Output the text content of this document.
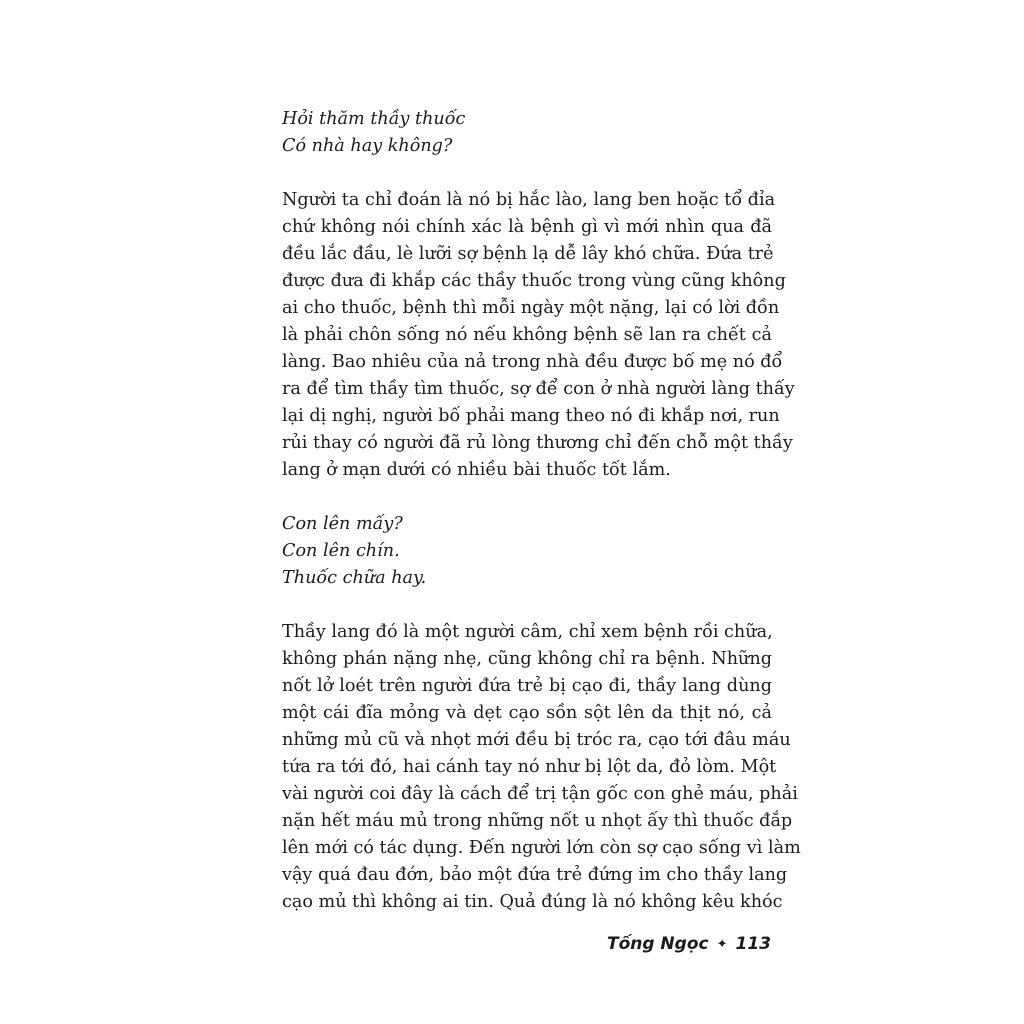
Hỏi thăm thầy thuốc
Có nhà hay không?
Người ta chỉ đoán là nó bị hắc lào, lang ben hoặc tổ đỉa
chứ không nói chính xác là bệnh gì vì mới nhìn qua đã
đều lắc đầu, lè lưỡi sợ bệnh lạ dễ lây khó chữa. Đứa trẻ
được đưa đi khắp các thầy thuốc trong vùng cũng không
ai cho thuốc, bệnh thì mỗi ngày một nặng, lại có lời đồn
là phải chôn sống nó nếu không bệnh sẽ lan ra chết cả
làng. Bao nhiêu của nả trong nhà đều được bố mẹ nó đổ
ra để tìm thầy tìm thuốc, sợ để con ở nhà người làng thấy
lại dị nghị, người bố phải mang theo nó đi khắp nơi, run
rủi thay có người đã rủ lòng thương chỉ đến chỗ một thầy
lang ở mạn dưới có nhiều bài thuốc tốt lắm.
Con lên mấy?
Con lên chín.
Thuốc chữa hay.
Thầy lang đó là một người câm, chỉ xem bệnh rồi chữa,
không phán nặng nhẹ, cũng không chỉ ra bệnh. Những
nốt lở loét trên người đứa trẻ bị cạo đi, thầy lang dùng
một cái đĩa mỏng và dẹt cạo sồn sột lên da thịt nó, cả
những mủ cũ và nhọt mới đều bị tróc ra, cạo tới đâu máu
tứa ra tới đó, hai cánh tay nó như bị lột da, đỏ lòm. Một
vài người coi đây là cách để trị tận gốc con ghẻ máu, phải
nặn hết máu mủ trong những nốt u nhọt ấy thì thuốc đắp
lên mới có tác dụng. Đến người lớn còn sợ cạo sống vì làm
vậy quá đau đớn, bảo một đứa trẻ đứng im cho thầy lang
cạo mủ thì không ai tin. Quả đúng là nó không kêu khóc
Tống Ngọc ✦ 113
